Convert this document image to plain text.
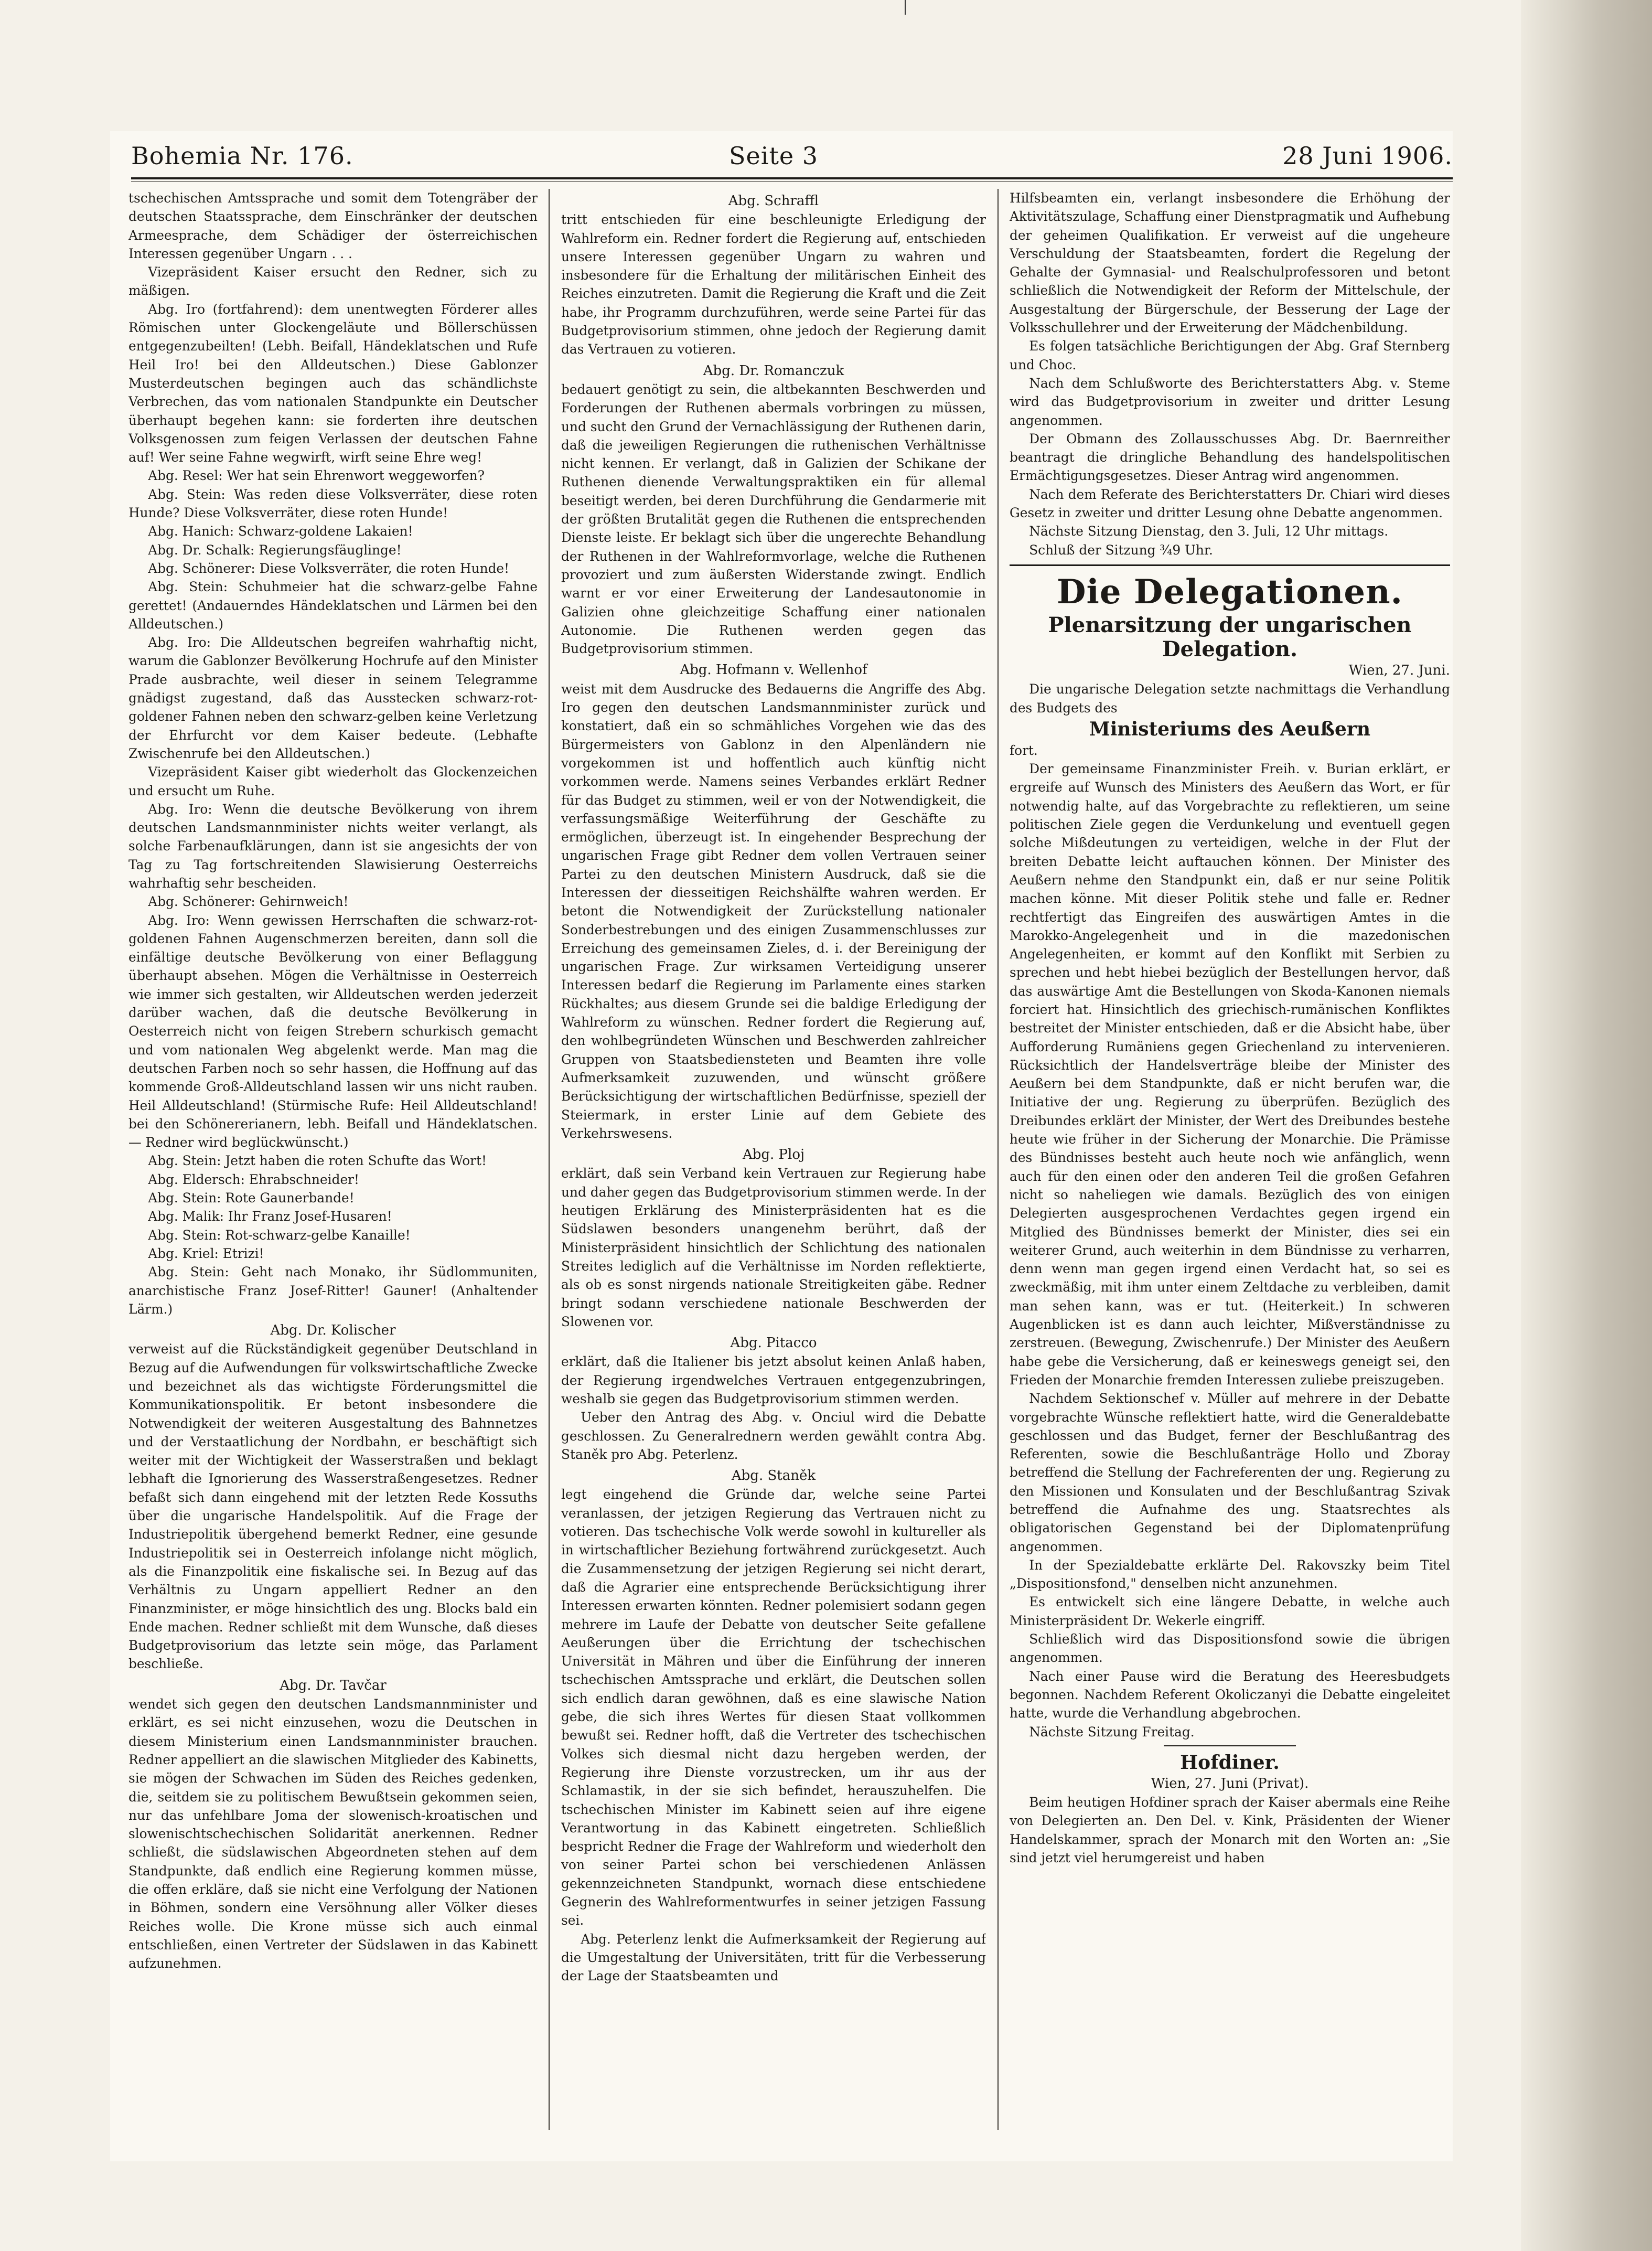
Bohemia Nr. 176.	Seite 3	28 Juni 1906.

tschechischen Amtssprache und somit dem Totengräber der deutschen Staatssprache, dem Einschränker der deutschen Armeesprache, dem Schädiger der österreichischen Interessen gegenüber Ungarn . . .

Vizepräsident Kaiser ersucht den Redner, sich zu mäßigen.

Abg. Iro (fortfahrend): dem unentwegten Förderer alles Römischen unter Glockengeläute und Böllerschüssen entgegenzubeilten! (Lebh. Beifall, Händeklatschen und Rufe Heil Iro! bei den Alldeutschen.) Diese Gablonzer Musterdeutschen begingen auch das schändlichste Verbrechen, das vom nationalen Standpunkte ein Deutscher überhaupt begehen kann: sie forderten ihre deutschen Volksgenossen zum feigen Verlassen der deutschen Fahne auf! Wer seine Fahne wegwirft, wirft seine Ehre weg!

Abg. Resel: Wer hat sein Ehrenwort weggeworfen?

Abg. Stein: Was reden diese Volksverräter, diese roten Hunde? Diese Volksverräter, diese roten Hunde!

Abg. Hanich: Schwarz-goldene Lakaien!

Abg. Dr. Schalk: Regierungsfäuglinge!

Abg. Schönerer: Diese Volksverräter, die roten Hunde!

Abg. Stein: Schuhmeier hat die schwarz-gelbe Fahne gerettet! (Andauerndes Händeklatschen und Lärmen bei den Alldeutschen.)

Abg. Iro: Die Alldeutschen begreifen wahrhaftig nicht, warum die Gablonzer Bevölkerung Hochrufe auf den Minister Prade ausbrachte, weil dieser in seinem Telegramme gnädigst zugestand, daß das Ausstecken schwarz-rot-goldener Fahnen neben den schwarz-gelben keine Verletzung der Ehrfurcht vor dem Kaiser bedeute. (Lebhafte Zwischenrufe bei den Alldeutschen.)

Vizepräsident Kaiser gibt wiederholt das Glockenzeichen und ersucht um Ruhe.

Abg. Iro: Wenn die deutsche Bevölkerung von ihrem deutschen Landsmannminister nichts weiter verlangt, als solche Farbenaufklärungen, dann ist sie angesichts der von Tag zu Tag fortschreitenden Slawisierung Oesterreichs wahrhaftig sehr bescheiden.

Abg. Schönerer: Gehirnweich!

Abg. Iro: Wenn gewissen Herrschaften die schwarz-rot-goldenen Fahnen Augenschmerzen bereiten, dann soll die einfältige deutsche Bevölkerung von einer Beflaggung überhaupt absehen. Mögen die Verhältnisse in Oesterreich wie immer sich gestalten, wir Alldeutschen werden jederzeit darüber wachen, daß die deutsche Bevölkerung in Oesterreich nicht von feigen Strebern schurkisch gemacht und vom nationalen Weg abgelenkt werde. Man mag die deutschen Farben noch so sehr hassen, die Hoffnung auf das kommende Groß-Alldeutschland lassen wir uns nicht rauben. Heil Alldeutschland! (Stürmische Rufe: Heil Alldeutschland! bei den Schönererianern, lebh. Beifall und Händeklatschen. — Redner wird beglückwünscht.)

Abg. Stein: Jetzt haben die roten Schufte das Wort!

Abg. Eldersch: Ehrabschneider!

Abg. Stein: Rote Gaunerbande!

Abg. Malik: Ihr Franz Josef-Husaren!

Abg. Stein: Rot-schwarz-gelbe Kanaille!

Abg. Kriel: Etrizi!

Abg. Stein: Geht nach Monako, ihr Südlommuniten, anarchistische Franz Josef-Ritter! Gauner! (Anhaltender Lärm.)

Abg. Dr. Kolischer

verweist auf die Rückständigkeit gegenüber Deutschland in Bezug auf die Aufwendungen für volkswirtschaftliche Zwecke und bezeichnet als das wichtigste Förderungsmittel die Kommunikationspolitik. Er betont insbesondere die Notwendigkeit der weiteren Ausgestaltung des Bahnnetzes und der Verstaatlichung der Nordbahn, er beschäftigt sich weiter mit der Wichtigkeit der Wasserstraßen und beklagt lebhaft die Ignorierung des Wasserstraßengesetzes. Redner befaßt sich dann eingehend mit der letzten Rede Kossuths über die ungarische Handelspolitik. Auf die Frage der Industriepolitik übergehend bemerkt Redner, eine gesunde Industriepolitik sei in Oesterreich infolange nicht möglich, als die Finanzpolitik eine fiskalische sei. In Bezug auf das Verhältnis zu Ungarn appelliert Redner an den Finanzminister, er möge hinsichtlich des ung. Blocks bald ein Ende machen. Redner schließt mit dem Wunsche, daß dieses Budgetprovisorium das letzte sein möge, das Parlament beschließe.

Abg. Dr. Tavčar

wendet sich gegen den deutschen Landsmannminister und erklärt, es sei nicht einzusehen, wozu die Deutschen in diesem Ministerium einen Landsmannminister brauchen. Redner appelliert an die slawischen Mitglieder des Kabinetts, sie mögen der Schwachen im Süden des Reiches gedenken, die, seitdem sie zu politischem Bewußtsein gekommen seien, nur das unfehlbare Joma der slowenisch-kroatischen und slowenischtschechischen Solidarität anerkennen. Redner schließt, die südslawischen Abgeordneten stehen auf dem Standpunkte, daß endlich eine Regierung kommen müsse, die offen erkläre, daß sie nicht eine Verfolgung der Nationen in Böhmen, sondern eine Versöhnung aller Völker dieses Reiches wolle. Die Krone müsse sich auch einmal entschließen, einen Vertreter der Südslawen in das Kabinett aufzunehmen.

Abg. Schraffl

tritt entschieden für eine beschleunigte Erledigung der Wahlreform ein. Redner fordert die Regierung auf, entschieden unsere Interessen gegenüber Ungarn zu wahren und insbesondere für die Erhaltung der militärischen Einheit des Reiches einzutreten. Damit die Regierung die Kraft und die Zeit habe, ihr Programm durchzuführen, werde seine Partei für das Budgetprovisorium stimmen, ohne jedoch der Regierung damit das Vertrauen zu votieren.

Abg. Dr. Romanczuk

bedauert genötigt zu sein, die altbekannten Beschwerden und Forderungen der Ruthenen abermals vorbringen zu müssen, und sucht den Grund der Vernachlässigung der Ruthenen darin, daß die jeweiligen Regierungen die ruthenischen Verhältnisse nicht kennen. Er verlangt, daß in Galizien der Schikane der Ruthenen dienende Verwaltungspraktiken ein für allemal beseitigt werden, bei deren Durchführung die Gendarmerie mit der größten Brutalität gegen die Ruthenen die entsprechenden Dienste leiste. Er beklagt sich über die ungerechte Behandlung der Ruthenen in der Wahlreformvorlage, welche die Ruthenen provoziert und zum äußersten Widerstande zwingt. Endlich warnt er vor einer Erweiterung der Landesautonomie in Galizien ohne gleichzeitige Schaffung einer nationalen Autonomie. Die Ruthenen werden gegen das Budgetprovisorium stimmen.

Abg. Hofmann v. Wellenhof

weist mit dem Ausdrucke des Bedauerns die Angriffe des Abg. Iro gegen den deutschen Landsmannminister zurück und konstatiert, daß ein so schmähliches Vorgehen wie das des Bürgermeisters von Gablonz in den Alpenländern nie vorgekommen ist und hoffentlich auch künftig nicht vorkommen werde. Namens seines Verbandes erklärt Redner für das Budget zu stimmen, weil er von der Notwendigkeit, die verfassungsmäßige Weiterführung der Geschäfte zu ermöglichen, überzeugt ist. In eingehender Besprechung der ungarischen Frage gibt Redner dem vollen Vertrauen seiner Partei zu den deutschen Ministern Ausdruck, daß sie die Interessen der diesseitigen Reichshälfte wahren werden. Er betont die Notwendigkeit der Zurückstellung nationaler Sonderbestrebungen und des einigen Zusammenschlusses zur Erreichung des gemeinsamen Zieles, d. i. der Bereinigung der ungarischen Frage. Zur wirksamen Verteidigung unserer Interessen bedarf die Regierung im Parlamente eines starken Rückhaltes; aus diesem Grunde sei die baldige Erledigung der Wahlreform zu wünschen. Redner fordert die Regierung auf, den wohlbegründeten Wünschen und Beschwerden zahlreicher Gruppen von Staatsbediensteten und Beamten ihre volle Aufmerksamkeit zuzuwenden, und wünscht größere Berücksichtigung der wirtschaftlichen Bedürfnisse, speziell der Steiermark, in erster Linie auf dem Gebiete des Verkehrswesens.

Abg. Ploj

erklärt, daß sein Verband kein Vertrauen zur Regierung habe und daher gegen das Budgetprovisorium stimmen werde. In der heutigen Erklärung des Ministerpräsidenten hat es die Südslawen besonders unangenehm berührt, daß der Ministerpräsident hinsichtlich der Schlichtung des nationalen Streites lediglich auf die Verhältnisse im Norden reflektierte, als ob es sonst nirgends nationale Streitigkeiten gäbe. Redner bringt sodann verschiedene nationale Beschwerden der Slowenen vor.

Abg. Pitacco

erklärt, daß die Italiener bis jetzt absolut keinen Anlaß haben, der Regierung irgendwelches Vertrauen entgegenzubringen, weshalb sie gegen das Budgetprovisorium stimmen werden.

Ueber den Antrag des Abg. v. Onciul wird die Debatte geschlossen. Zu Generalrednern werden gewählt contra Abg. Staněk pro Abg. Peterlenz.

Abg. Staněk

legt eingehend die Gründe dar, welche seine Partei veranlassen, der jetzigen Regierung das Vertrauen nicht zu votieren. Das tschechische Volk werde sowohl in kultureller als in wirtschaftlicher Beziehung fortwährend zurückgesetzt. Auch die Zusammensetzung der jetzigen Regierung sei nicht derart, daß die Agrarier eine entsprechende Berücksichtigung ihrer Interessen erwarten könnten. Redner polemisiert sodann gegen mehrere im Laufe der Debatte von deutscher Seite gefallene Aeußerungen über die Errichtung der tschechischen Universität in Mähren und über die Einführung der inneren tschechischen Amtssprache und erklärt, die Deutschen sollen sich endlich daran gewöhnen, daß es eine slawische Nation gebe, die sich ihres Wertes für diesen Staat vollkommen bewußt sei. Redner hofft, daß die Vertreter des tschechischen Volkes sich diesmal nicht dazu hergeben werden, der Regierung ihre Dienste vorzustrecken, um ihr aus der Schlamastik, in der sie sich befindet, herauszuhelfen. Die tschechischen Minister im Kabinett seien auf ihre eigene Verantwortung in das Kabinett eingetreten. Schließlich bespricht Redner die Frage der Wahlreform und wiederholt den von seiner Partei schon bei verschiedenen Anlässen gekennzeichneten Standpunkt, wornach diese entschiedene Gegnerin des Wahlreformentwurfes in seiner jetzigen Fassung sei.

Abg. Peterlenz lenkt die Aufmerksamkeit der Regierung auf die Umgestaltung der Universitäten, tritt für die Verbesserung der Lage der Staatsbeamten und

Hilfsbeamten ein, verlangt insbesondere die Erhöhung der Aktivitätszulage, Schaffung einer Dienstpragmatik und Aufhebung der geheimen Qualifikation. Er verweist auf die ungeheure Verschuldung der Staatsbeamten, fordert die Regelung der Gehalte der Gymnasial- und Realschulprofessoren und betont schließlich die Notwendigkeit der Reform der Mittelschule, der Ausgestaltung der Bürgerschule, der Besserung der Lage der Volksschullehrer und der Erweiterung der Mädchenbildung.

Es folgen tatsächliche Berichtigungen der Abg. Graf Sternberg und Choc.

Nach dem Schlußworte des Berichterstatters Abg. v. Steme wird das Budgetprovisorium in zweiter und dritter Lesung angenommen.

Der Obmann des Zollausschusses Abg. Dr. Baernreither beantragt die dringliche Behandlung des handelspolitischen Ermächtigungsgesetzes. Dieser Antrag wird angenommen.

Nach dem Referate des Berichterstatters Dr. Chiari wird dieses Gesetz in zweiter und dritter Lesung ohne Debatte angenommen.

Nächste Sitzung Dienstag, den 3. Juli, 12 Uhr mittags.

Schluß der Sitzung ¾9 Uhr.

Die Delegationen.
Plenarsitzung der ungarischen Delegation.
Wien, 27. Juni.

Die ungarische Delegation setzte nachmittags die Verhandlung des Budgets des

Ministeriums des Aeußern

fort.

Der gemeinsame Finanzminister Freih. v. Burian erklärt, er ergreife auf Wunsch des Ministers des Aeußern das Wort, er für notwendig halte, auf das Vorgebrachte zu reflektieren, um seine politischen Ziele gegen die Verdunkelung und eventuell gegen solche Mißdeutungen zu verteidigen, welche in der Flut der breiten Debatte leicht auftauchen können. Der Minister des Aeußern nehme den Standpunkt ein, daß er nur seine Politik machen könne. Mit dieser Politik stehe und falle er. Redner rechtfertigt das Eingreifen des auswärtigen Amtes in die Marokko-Angelegenheit und in die mazedonischen Angelegenheiten, er kommt auf den Konflikt mit Serbien zu sprechen und hebt hiebei bezüglich der Bestellungen hervor, daß das auswärtige Amt die Bestellungen von Skoda-Kanonen niemals forciert hat. Hinsichtlich des griechisch-rumänischen Konfliktes bestreitet der Minister entschieden, daß er die Absicht habe, über Aufforderung Rumäniens gegen Griechenland zu intervenieren. Rücksichtlich der Handelsverträge bleibe der Minister des Aeußern bei dem Standpunkte, daß er nicht berufen war, die Initiative der ung. Regierung zu überprüfen. Bezüglich des Dreibundes erklärt der Minister, der Wert des Dreibundes bestehe heute wie früher in der Sicherung der Monarchie. Die Prämisse des Bündnisses besteht auch heute noch wie anfänglich, wenn auch für den einen oder den anderen Teil die großen Gefahren nicht so naheliegen wie damals. Bezüglich des von einigen Delegierten ausgesprochenen Verdachtes gegen irgend ein Mitglied des Bündnisses bemerkt der Minister, dies sei ein weiterer Grund, auch weiterhin in dem Bündnisse zu verharren, denn wenn man gegen irgend einen Verdacht hat, so sei es zweckmäßig, mit ihm unter einem Zeltdache zu verbleiben, damit man sehen kann, was er tut. (Heiterkeit.) In schweren Augenblicken ist es dann auch leichter, Mißverständnisse zu zerstreuen. (Bewegung, Zwischenrufe.) Der Minister des Aeußern habe gebe die Versicherung, daß er keineswegs geneigt sei, den Frieden der Monarchie fremden Interessen zuliebe preiszugeben.

Nachdem Sektionschef v. Müller auf mehrere in der Debatte vorgebrachte Wünsche reflektiert hatte, wird die Generaldebatte geschlossen und das Budget, ferner der Beschlußantrag des Referenten, sowie die Beschlußanträge Hollo und Zboray betreffend die Stellung der Fachreferenten der ung. Regierung zu den Missionen und Konsulaten und der Beschlußantrag Szivak betreffend die Aufnahme des ung. Staatsrechtes als obligatorischen Gegenstand bei der Diplomatenprüfung angenommen.

In der Spezialdebatte erklärte Del. Rakovszky beim Titel „Dispositionsfond," denselben nicht anzunehmen.

Es entwickelt sich eine längere Debatte, in welche auch Ministerpräsident Dr. Wekerle eingriff.

Schließlich wird das Dispositionsfond sowie die übrigen angenommen.

Nach einer Pause wird die Beratung des Heeresbudgets begonnen. Nachdem Referent Okoliczanyi die Debatte eingeleitet hatte, wurde die Verhandlung abgebrochen.

Nächste Sitzung Freitag.

Hofdiner.
Wien, 27. Juni (Privat).

Beim heutigen Hofdiner sprach der Kaiser abermals eine Reihe von Delegierten an. Den Del. v. Kink, Präsidenten der Wiener Handelskammer, sprach der Monarch mit den Worten an: „Sie sind jetzt viel herumgereist und haben
